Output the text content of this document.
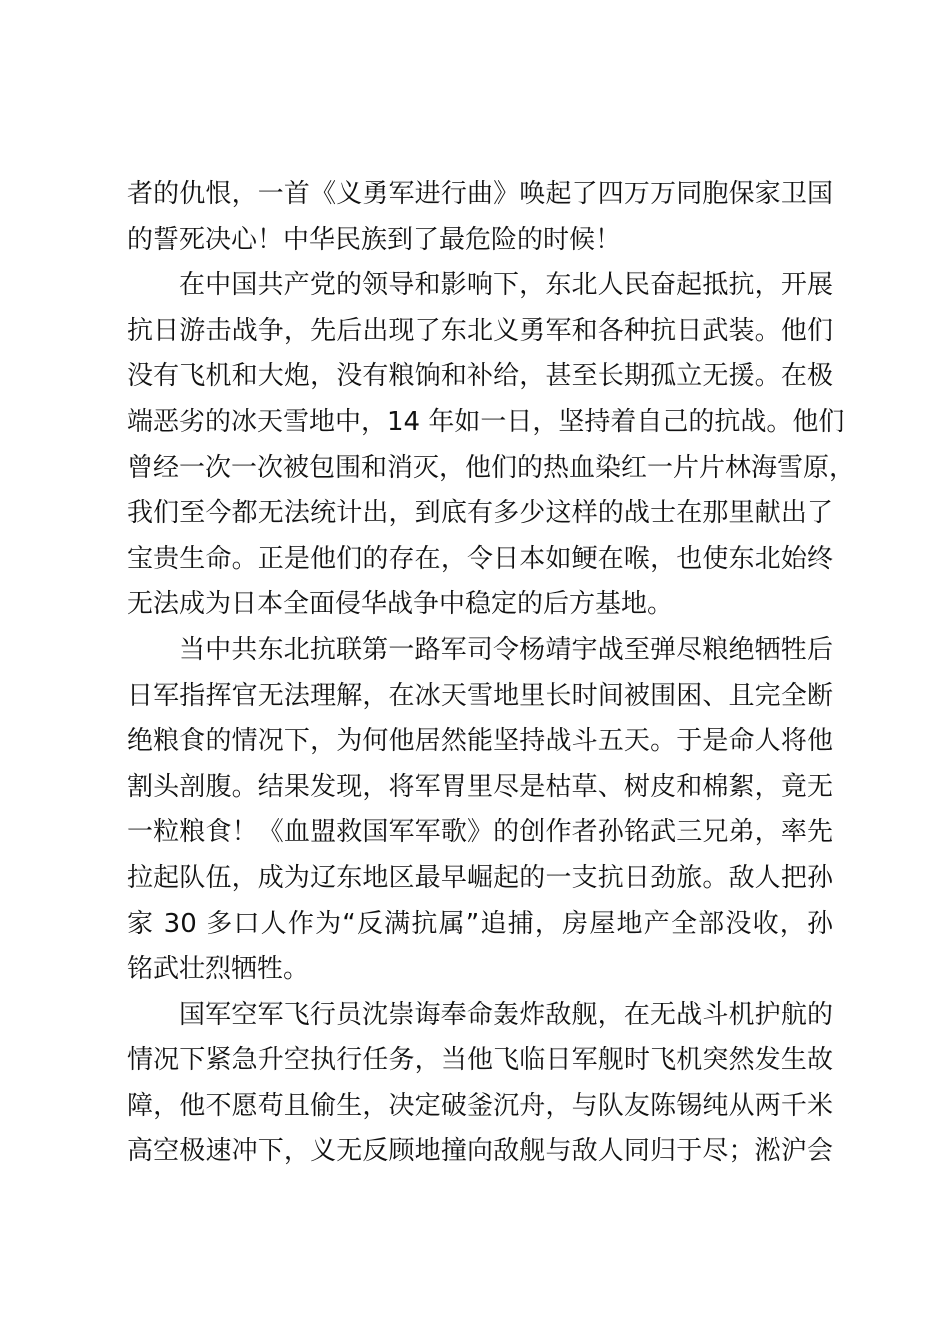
者的仇恨，一首《义勇军进行曲》唤起了四万万同胞保家卫国
的誓死决心！中华民族到了最危险的时候！

在中国共产党的领导和影响下，东北人民奋起抵抗，开展
抗日游击战争，先后出现了东北义勇军和各种抗日武装。他们
没有飞机和大炮，没有粮饷和补给，甚至长期孤立无援。在极
端恶劣的冰天雪地中，14 年如一日，坚持着自己的抗战。他们
曾经一次一次被包围和消灭，他们的热血染红一片片林海雪原，
我们至今都无法统计出，到底有多少这样的战士在那里献出了
宝贵生命。正是他们的存在，令日本如鲠在喉，也使东北始终
无法成为日本全面侵华战争中稳定的后方基地。

当中共东北抗联第一路军司令杨靖宇战至弹尽粮绝牺牲后
日军指挥官无法理解，在冰天雪地里长时间被围困、且完全断
绝粮食的情况下，为何他居然能坚持战斗五天。于是命人将他
割头剖腹。结果发现，将军胃里尽是枯草、树皮和棉絮，竟无
一粒粮食！《血盟救国军军歌》的创作者孙铭武三兄弟，率先
拉起队伍，成为辽东地区最早崛起的一支抗日劲旅。敌人把孙
家 30 多口人作为“反满抗属”追捕，房屋地产全部没收，孙
铭武壮烈牺牲。

国军空军飞行员沈崇诲奉命轰炸敌舰，在无战斗机护航的
情况下紧急升空执行任务，当他飞临日军舰时飞机突然发生故
障，他不愿苟且偷生，决定破釜沉舟，与队友陈锡纯从两千米
高空极速冲下，义无反顾地撞向敌舰与敌人同归于尽；淞沪会
